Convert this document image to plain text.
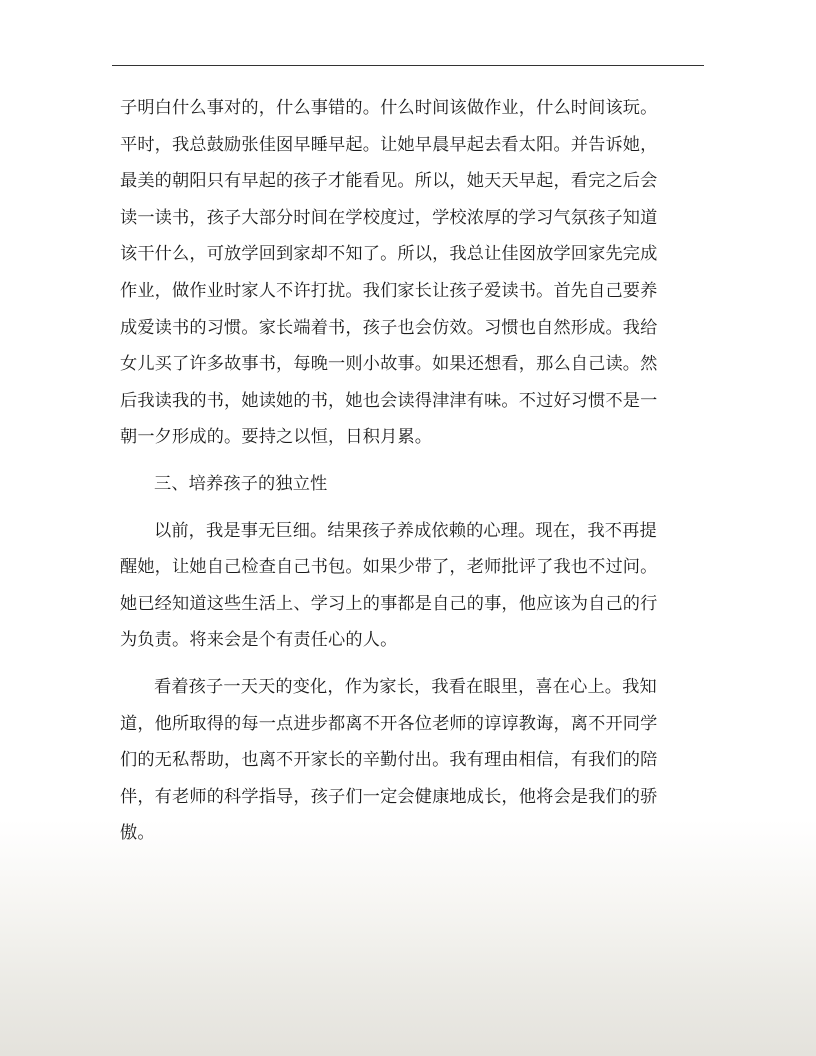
子明白什么事对的，什么事错的。什么时间该做作业，什么时间该玩。
平时，我总鼓励张佳囡早睡早起。让她早晨早起去看太阳。并告诉她，
最美的朝阳只有早起的孩子才能看见。所以，她天天早起，看完之后会
读一读书，孩子大部分时间在学校度过，学校浓厚的学习气氛孩子知道
该干什么，可放学回到家却不知了。所以，我总让佳囡放学回家先完成
作业，做作业时家人不许打扰。我们家长让孩子爱读书。首先自己要养
成爱读书的习惯。家长端着书，孩子也会仿效。习惯也自然形成。我给
女儿买了许多故事书，每晚一则小故事。如果还想看，那么自己读。然
后我读我的书，她读她的书，她也会读得津津有味。不过好习惯不是一
朝一夕形成的。要持之以恒，日积月累。
三、培养孩子的独立性
以前，我是事无巨细。结果孩子养成依赖的心理。现在，我不再提
醒她，让她自己检查自己书包。如果少带了，老师批评了我也不过问。
她已经知道这些生活上、学习上的事都是自己的事，他应该为自己的行
为负责。将来会是个有责任心的人。
看着孩子一天天的变化，作为家长，我看在眼里，喜在心上。我知
道，他所取得的每一点进步都离不开各位老师的谆谆教诲，离不开同学
们的无私帮助，也离不开家长的辛勤付出。我有理由相信，有我们的陪
伴，有老师的科学指导，孩子们一定会健康地成长，他将会是我们的骄
傲。
